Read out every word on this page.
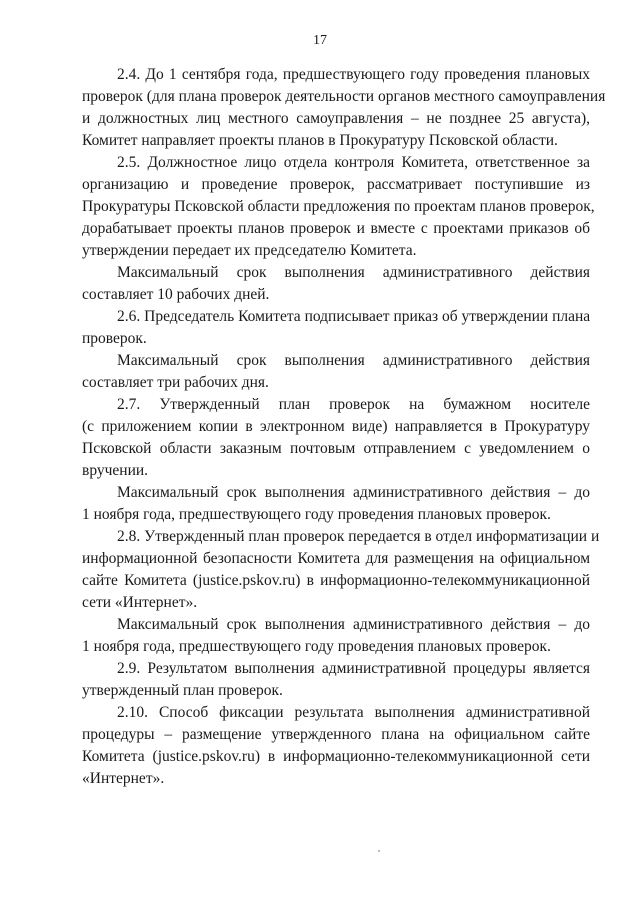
17
2.4. До 1 сентября года, предшествующего году проведения плановых
проверок (для плана проверок деятельности органов местного самоуправления
и должностных лиц местного самоуправления – не позднее 25 августа),
Комитет направляет проекты планов в Прокуратуру Псковской области.
2.5. Должностное лицо отдела контроля Комитета, ответственное за
организацию и проведение проверок, рассматривает поступившие из
Прокуратуры Псковской области предложения по проектам планов проверок,
дорабатывает проекты планов проверок и вместе с проектами приказов об
утверждении передает их председателю Комитета.
Максимальный срок выполнения административного действия
составляет 10 рабочих дней.
2.6. Председатель Комитета подписывает приказ об утверждении плана
проверок.
Максимальный срок выполнения административного действия
составляет три рабочих дня.
2.7. Утвержденный план проверок на бумажном носителе
(с приложением копии в электронном виде) направляется в Прокуратуру
Псковской области заказным почтовым отправлением с уведомлением о
вручении.
Максимальный срок выполнения административного действия – до
1 ноября года, предшествующего году проведения плановых проверок.
2.8. Утвержденный план проверок передается в отдел информатизации и
информационной безопасности Комитета для размещения на официальном
сайте Комитета (justice.pskov.ru) в информационно-телекоммуникационной
сети «Интернет».
Максимальный срок выполнения административного действия – до
1 ноября года, предшествующего году проведения плановых проверок.
2.9. Результатом выполнения административной процедуры является
утвержденный план проверок.
2.10. Способ фиксации результата выполнения административной
процедуры – размещение утвержденного плана на официальном сайте
Комитета (justice.pskov.ru) в информационно-телекоммуникационной сети
«Интернет».
